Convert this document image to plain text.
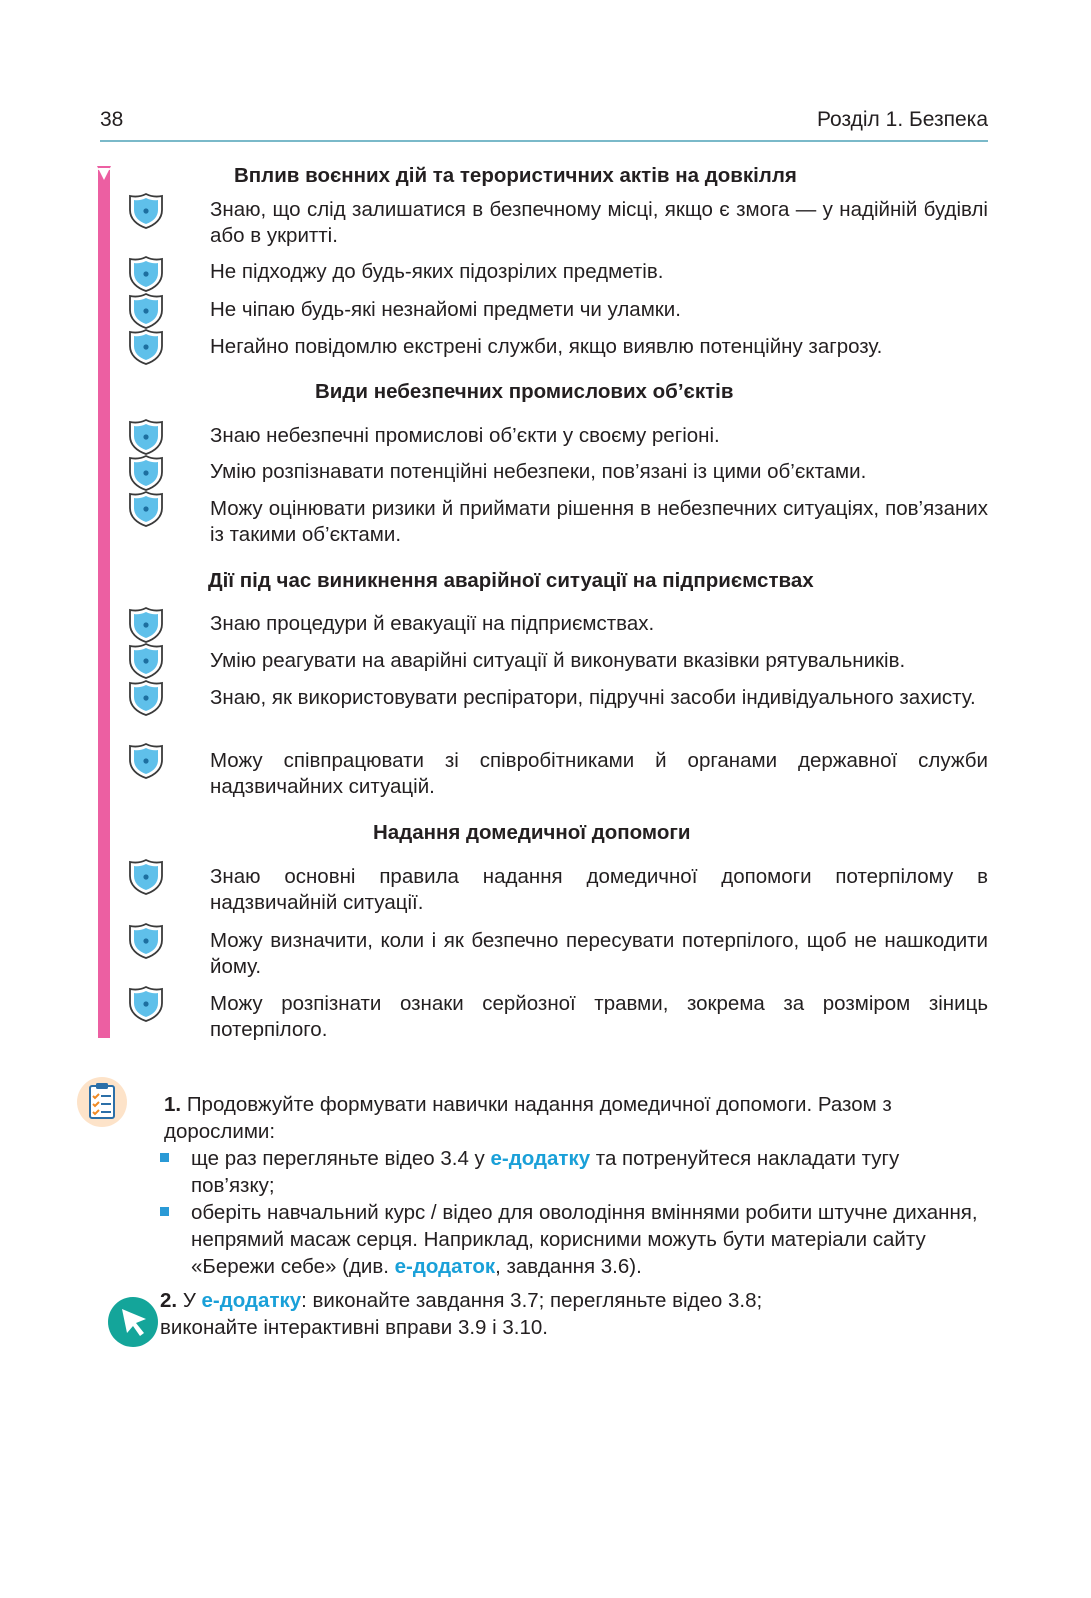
38	Розділ 1. Безпека
Вплив воєнних дій та терористичних актів на довкілля
Знаю, що слід залишатися в безпечному місці, якщо є змога — у надійній будівлі або в укритті.
Не підходжу до будь-яких підозрілих предметів.
Не чіпаю будь-які незнайомі предмети чи уламки.
Негайно повідомлю екстрені служби, якщо виявлю потенційну загрозу.
Види небезпечних промислових об’єктів
Знаю небезпечні промислові об’єкти у своєму регіоні.
Умію розпізнавати потенційні небезпеки, пов’язані із цими об’єктами.
Можу оцінювати ризики й приймати рішення в небезпечних ситуаціях, пов’язаних із такими об’єктами.
Дії під час виникнення аварійної ситуації на підприємствах
Знаю процедури й евакуації на підприємствах.
Умію реагувати на аварійні ситуації й виконувати вказівки рятувальників.
Знаю, як використовувати респіратори, підручні засоби індивідуального захисту.
Можу співпрацювати зі співробітниками й органами державної служби надзвичайних ситуацій.
Надання домедичної допомоги
Знаю основні правила надання домедичної допомоги потерпілому в надзвичайній ситуації.
Можу визначити, коли і як безпечно пересувати потерпілого, щоб не нашкодити йому.
Можу розпізнати ознаки серйозної травми, зокрема за розміром зіниць потерпілого.
1. Продовжуйте формувати навички надання домедичної допомоги. Разом з дорослими:
ще раз перегляньте відео 3.4 у е-додатку та потренуйтеся накладати тугу пов’язку;
оберіть навчальний курс / відео для оволодіння вміннями робити штучне дихання, непрямий масаж серця. Наприклад, корисними можуть бути матеріали сайту «Бережи себе» (див. е-додаток, завдання 3.6).
2. У е-додатку: виконайте завдання 3.7; перегляньте відео 3.8; виконайте інтерактивні вправи 3.9 і 3.10.
